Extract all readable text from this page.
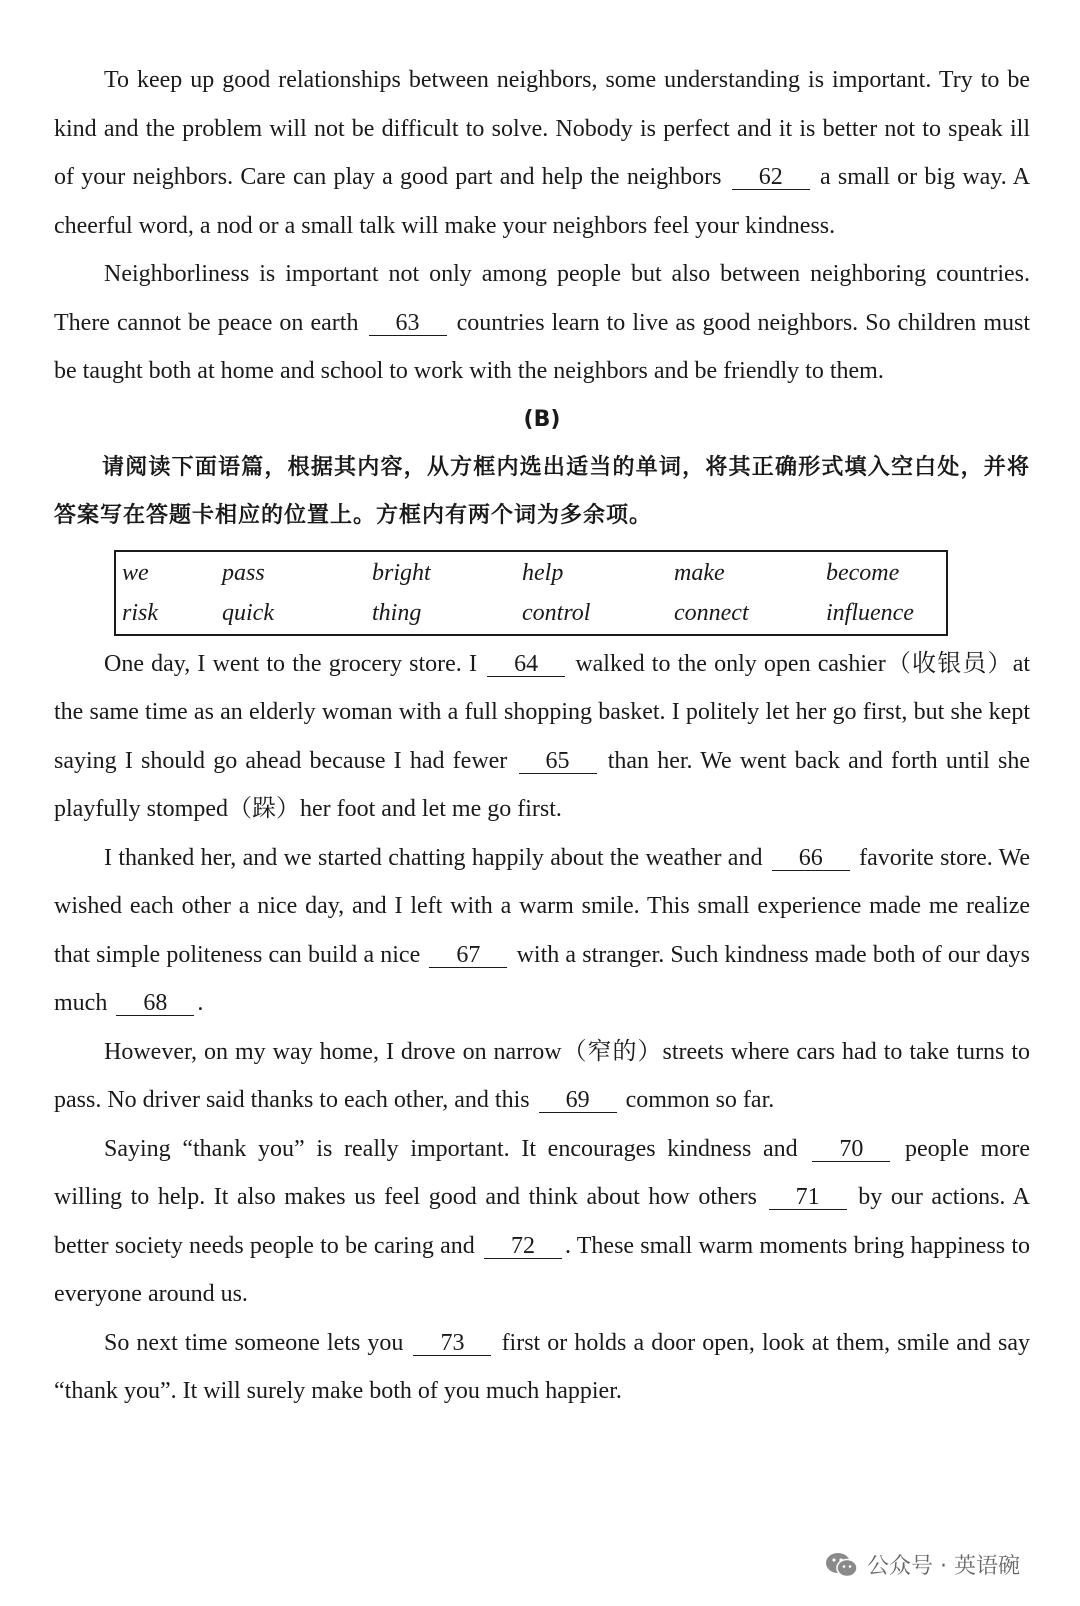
To keep up good relationships between neighbors, some understanding is important. Try to be kind and the problem will not be difficult to solve. Nobody is perfect and it is better not to speak ill of your neighbors. Care can play a good part and help the neighbors 62 a small or big way. A cheerful word, a nod or a small talk will make your neighbors feel your kindness.

Neighborliness is important not only among people but also between neighboring countries. There cannot be peace on earth 63 countries learn to live as good neighbors. So children must be taught both at home and school to work with the neighbors and be friendly to them.

(B)

请阅读下面语篇，根据其内容，从方框内选出适当的单词，将其正确形式填入空白处，并将答案写在答题卡相应的位置上。方框内有两个词为多余项。

we	pass	bright	help	make	become
risk	quick	thing	control	connect	influence

One day, I went to the grocery store. I 64 walked to the only open cashier（收银员）at the same time as an elderly woman with a full shopping basket. I politely let her go first, but she kept saying I should go ahead because I had fewer 65 than her. We went back and forth until she playfully stomped（跺）her foot and let me go first.

I thanked her, and we started chatting happily about the weather and 66 favorite store. We wished each other a nice day, and I left with a warm smile. This small experience made me realize that simple politeness can build a nice 67 with a stranger. Such kindness made both of our days much 68 .

However, on my way home, I drove on narrow（窄的）streets where cars had to take turns to pass. No driver said thanks to each other, and this 69 common so far.

Saying “thank you” is really important. It encourages kindness and 70 people more willing to help. It also makes us feel good and think about how others 71 by our actions. A better society needs people to be caring and 72 . These small warm moments bring happiness to everyone around us.

So next time someone lets you 73 first or holds a door open, look at them, smile and say “thank you”. It will surely make both of you much happier.

公众号 · 英语碗
